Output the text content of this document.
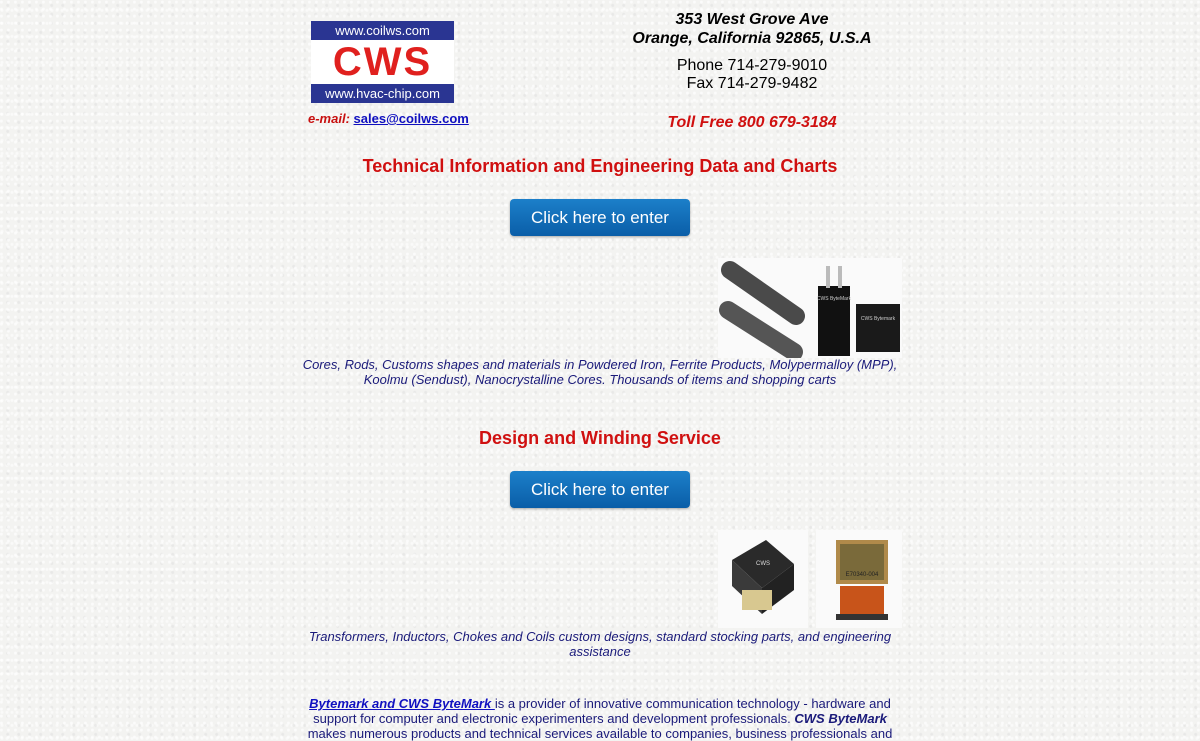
www.coilws.com
CWS
www.hvac-chip.com
e-mail: sales@coilws.com
353 West Grove Ave
Orange, California 92865, U.S.A
Phone 714-279-9010
Fax 714-279-9482
Toll Free 800 679-3184
Technical Information and Engineering Data and Charts
Click here to enter
CWS ByteMark
CWS Bytemark
Cores, Rods, Customs shapes and materials in Powdered Iron, Ferrite Products, Molypermalloy (MPP), Koolmu (Sendust), Nanocrystalline Cores. Thousands of items and shopping carts
Design and Winding Service
Click here to enter
CWS
E70340-004
Transformers, Inductors, Chokes and Coils custom designs, standard stocking parts, and engineering assistance
Bytemark and CWS ByteMark is a provider of innovative communication technology - hardware and support for computer and electronic experimenters and development professionals. CWS ByteMark makes numerous products and technical services available to companies, business professionals and
